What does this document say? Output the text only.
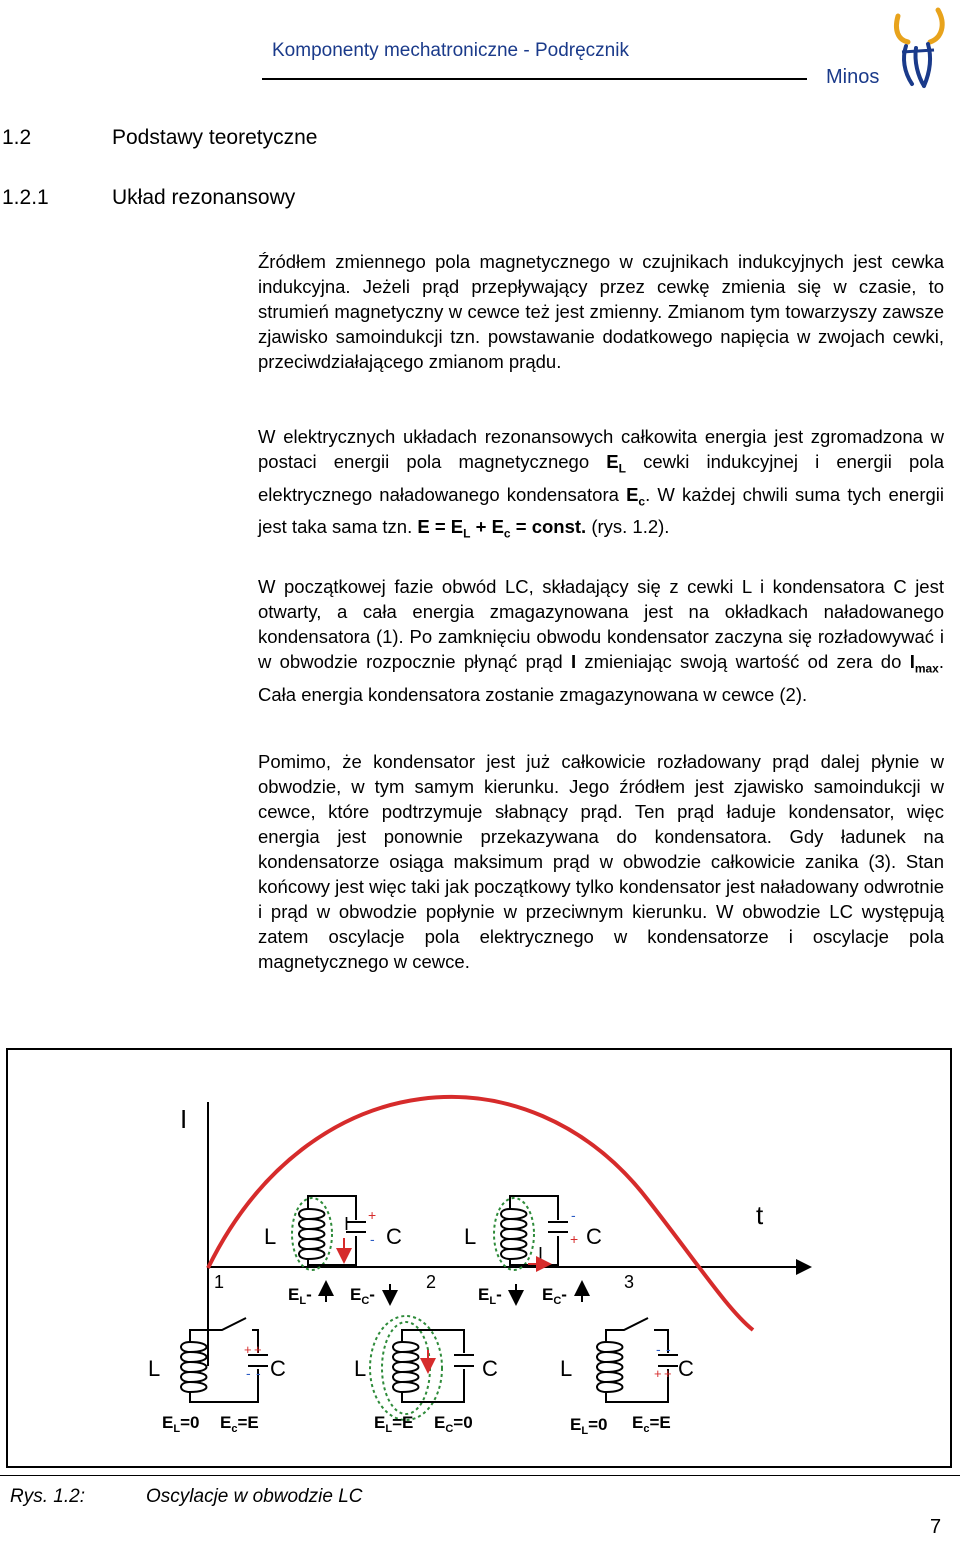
Komponenty mechatroniczne - Podręcznik
Minos
1.2	Podstawy teoretyczne
1.2.1	Układ rezonansowy
Źródłem zmiennego pola magnetycznego w czujnikach indukcyjnych jest cewka indukcyjna. Jeżeli prąd przepływający przez cewkę zmienia się w czasie, to strumień magnetyczny w cewce też jest zmienny. Zmianom tym towarzyszy zawsze zjawisko samoindukcji tzn. powstawanie dodatkowego napięcia w zwojach cewki, przeciwdziałającego zmianom prądu.
W elektrycznych układach rezonansowych całkowita energia jest zgromadzona w postaci energii pola magnetycznego $E_L$ cewki indukcyjnej i energii pola elektrycznego naładowanego kondensatora $E_c$. W każdej chwili suma tych energii jest taka sama tzn. $E = E_L + E_c$ = const. (rys. 1.2).
W początkowej fazie obwód LC, składający się z cewki L i kondensatora C jest otwarty, a cała energia zmagazynowana jest na okładkach naładowanego kondensatora (1). Po zamknięciu obwodu kondensator zaczyna się rozładowywać i w obwodzie rozpocznie płynąć prąd I zmieniając swoją wartość od zera do $I_{max}$. Cała energia kondensatora zostanie zmagazynowana w cewce (2).
Pomimo, że kondensator jest już całkowicie rozładowany prąd dalej płynie w obwodzie, w tym samym kierunku. Jego źródłem jest zjawisko samoindukcji w cewce, które podtrzymuje słabnący prąd. Ten prąd ładuje kondensator, więc energia jest ponownie przekazywana do kondensatora. Gdy ładunek na kondensatorze osiąga maksimum prąd w obwodzie całkowicie zanika (3). Stan końcowy jest więc taki jak początkowy tylko kondensator jest naładowany odwrotnie i prąd w obwodzie popłynie w przeciwnym kierunku. W obwodzie LC występują zatem oscylacje pola elektrycznego w kondensatorze i oscylacje pola magnetycznego w cewce.
I
t
1	2	3
L	C
I +
-
$E_L-$ $E_C-$
L	C
I
-
+
$E_L-$ $E_C-$
L	C
+ +
- -
$E_L=0$ $E_c=E$
L	C
$E_L=E$ $E_C=0$
L	C
- -
+ +
$E_L=0$ $E_c=E$
Rys. 1.2:	Oscylacje w obwodzie LC
7
